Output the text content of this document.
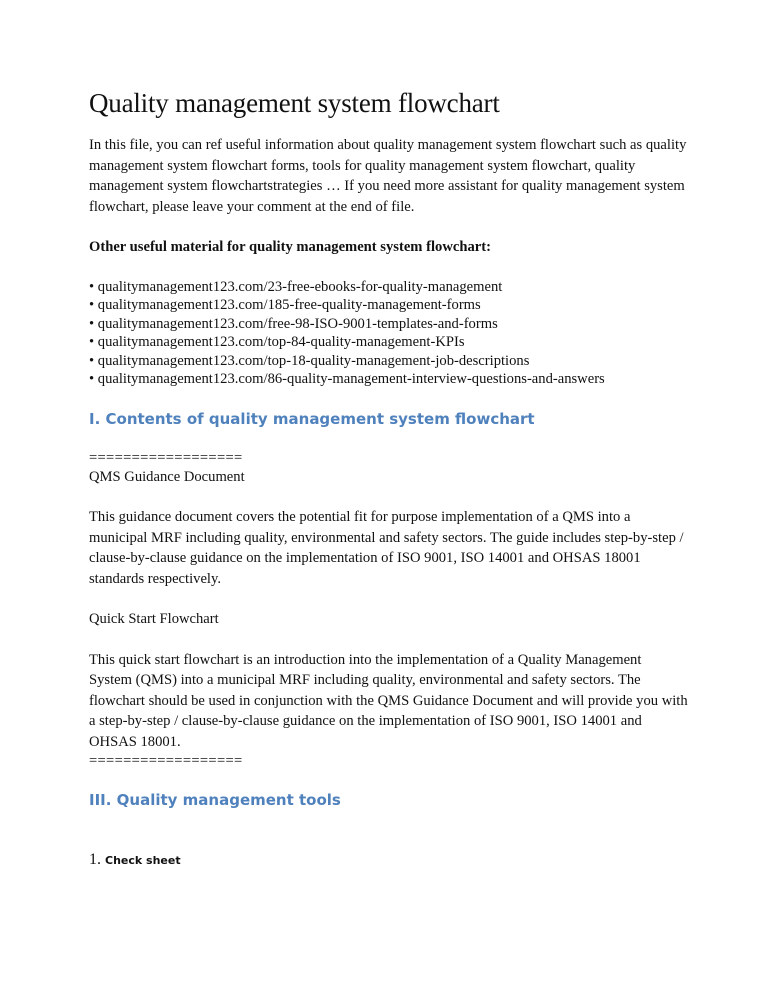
Quality management system flowchart

In this file, you can ref useful information about quality management system flowchart such as quality management system flowchart forms, tools for quality management system flowchart, quality management system flowchartstrategies … If you need more assistant for quality management system flowchart, please leave your comment at the end of file.

Other useful material for quality management system flowchart:

• qualitymanagement123.com/23-free-ebooks-for-quality-management
• qualitymanagement123.com/185-free-quality-management-forms
• qualitymanagement123.com/free-98-ISO-9001-templates-and-forms
• qualitymanagement123.com/top-84-quality-management-KPIs
• qualitymanagement123.com/top-18-quality-management-job-descriptions
• qualitymanagement123.com/86-quality-management-interview-questions-and-answers
I. Contents of quality management system flowchart
==================

QMS Guidance Document

This guidance document covers the potential fit for purpose implementation of a QMS into a municipal MRF including quality, environmental and safety sectors. The guide includes step-by-step / clause-by-clause guidance on the implementation of ISO 9001, ISO 14001 and OHSAS 18001 standards respectively.

Quick Start Flowchart

This quick start flowchart is an introduction into the implementation of a Quality Management System (QMS) into a municipal MRF including quality, environmental and safety sectors. The flowchart should be used in conjunction with the QMS Guidance Document and will provide you with a step-by-step / clause-by-clause guidance on the implementation of ISO 9001, ISO 14001 and OHSAS 18001.

==================
III. Quality management tools
1. Check sheet
